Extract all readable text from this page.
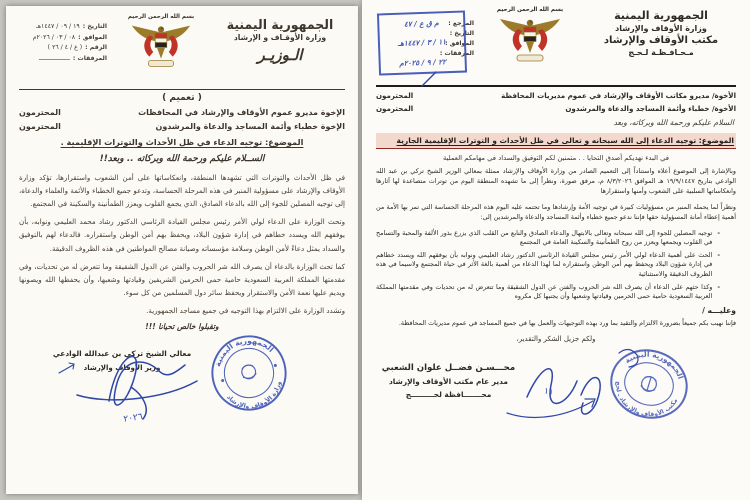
الجمهورية اليمنية
وزارة الأوقـاف و الإرشاد
الـوزيـر
بسم الله الرحمن الرحيم
التاريخ :
١٩ / ٠٩ / ١٤٤٧هـ
الموافق :
٠٨ / ٠٣ / ٢٠٢٦م
الرقم :
( ع / ٤ / ٢٦ )
المرفقات :
ـــــــــــــــــ
( تعميم )
الإخوة مديرو عموم الأوقاف والإرشاد في المحافظات
المحترمون
الإخوة خطباء وأئمة المساجد والدعاة والمرشدون
المحترمون
الموضوع: توجيه الدعاء في ظل الأحداث والتوترات الإقليمية .
الســلام عليكم ورحمة الله وبركاته .. وبعد!!

في ظل الأحداث والتوترات التي تشهدها المنطقة، وانعكاساتها على أمن الشعوب واستقرارها، تؤكد وزارة الأوقاف والإرشاد على مسؤولية المنبر في هذه المرحلة الحساسة، وتدعو جميع الخطباء والأئمة والعلماء والدعاة، إلى توجيه المصلين للجوء إلى الله بالدعاء الصادق، الذي يجمع القلوب ويعزز الطمأنينة والسكينة في المجتمع.

وتحث الوزارة على الدعاء لولي الأمر رئيس مجلس القيادة الرئاسي الدكتور رشاد محمد العليمي ونوابه، بأن يوفقهم الله ويسدد خطاهم في إدارة شؤون البلاد، ويحفظ بهم أمن الوطن واستقراره. فالدعاء لهم بالتوفيق والسداد يمثل دعاءً لأمن الوطن وسلامة مؤسساته وصيانة مصالح المواطنين في هذه الظروف الدقيقة.

كما تحث الوزارة بالدعاء أن يصرف الله شر الحروب والفتن عن الدول الشقيقة وما تتعرض له من تحديات، وفي مقدمتها المملكة العربية السعودية حامية حمى الحرمين الشريفين وقيادتها وشعبها، وأن يحفظها الله ويصونها ويديم عليها نعمة الأمن والاستقرار ويحفظ سائر دول المسلمين من كل سوء.

وتشدد الوزارة على الالتزام بهذا التوجيه في جميع مساجد الجمهورية.

وتقبلوا خالص تحيانا !!!
معالي الشيخ تركي بن عبدالله الوادعي
وزير الأوقاف والإرشاد	الجمهورية اليمنية
وزارة الأوقاف والإرشاد
٢٠٢٦
الجمهورية اليمنية
وزارة الأوقاف والإرشاد
مكتب الأوقاف والإرشاد
مـحـافـظـة لـحـج
بسم الله الرحمن الرحيم
المرجع :
التاريخ :
الموافق :
المرفقات :
م ق ع / ٤٧
١١ / ٣ / ١٤٤٧هـ
٢٢ / ٩ / ٢٠٢٥م
الأخوة/ مديرو مكاتب الأوقاف والإرشاد في عموم مديريات المحافظة
المحترمون
الأخوة/ خطباء وأئمة المساجد والدعاة والمرشدون
المحترمون
السلام عليكم ورحمة الله وبركاته، وبعد
الموضوع: توجيه الدعاء إلى الله سبحانه و تعالى في ظل الأحداث و التوترات الإقليمية الجارية
في البدء نهديكم أصدق التحايا . . متمنين لكم التوفيق والسداد في مهامكم العملية

وبالإشارة إلى الموضوع أعلاه واستناداً إلى التعميم الصادر من وزارة الأوقاف والإرشاد ممثلة بمعالي الوزير الشيخ تركي بن عبد الله الوادعي بتاريخ ١٩/٩/١٤٤٧ هـ الموافق ٨/٣/٢٠٢٦ م، مرفق صورة، ونظراً إلى ما تشهده المنطقة اليوم من توترات متصاعدة لها آثارها وانعكاساتها السلبية على الشعوب وأمنها واستقرارها

ونظراً لما يحمله المنبر من مسؤوليات كبيرة في توجيه الأمة وإرشادها وما تحتمه عليه اليوم هذه المرحلة الحساسة التي تمر بها الأمة من أهمية إعطاء أمانة المسؤولية حقها فإننا ندعو جميع خطباء وأئمة المساجد والدعاة والمرشدين إلى:

-
توجيه المصلين للجوء إلى الله سبحانه وتعالى بالابتهال والدعاء الصادق والنابع من القلب الذي يزرع بذور الألفة والمحبة والتسامح في القلوب ويجمعها ويعزز من روح الطمأنينة والسكينة العامة في المجتمع
-
الحث على أهمية الدعاء لولي الأمر رئيس مجلس القيادة الرئاسي الدكتور رشاد العليمي ونوابه بأن يوفقهم الله ويسدد خطاهم في إدارة شؤون البلاد ويحفظ بهم أمن الوطن واستقراره لما لهذا الدعاء من أهمية بالغة الأثر في حياة المجتمع ولاسيما في هذه الظروف الدقيقة والاستثنائية
-
وكذا حثهم على الدعاء أن يصرف الله شر الحروب والفتن عن الدول الشقيقة وما تتعرض له من تحديات وفي مقدمتها المملكة العربية السعودية حامية حمى الحرمين وقيادتها وشعبها وأن يجنبها كل مكروه
وعليـــه /

فإننا نهيب بكم جميعاً بضرورة الالتزام والتقيد بما ورد بهذه التوجيهات والعمل بها في جميع المساجد في عموم مديريات المحافظة.

ولكم جزيل الشكر والتقدير،
محـــسـن فضــل علوان الشعبي
مدير عام مكتب الأوقاف والإرشاد
محـــــــافظة لحـــــــــج
الجمهورية اليمنية
مكتب الأوقاف والإرشاد ـ لحج
١١
